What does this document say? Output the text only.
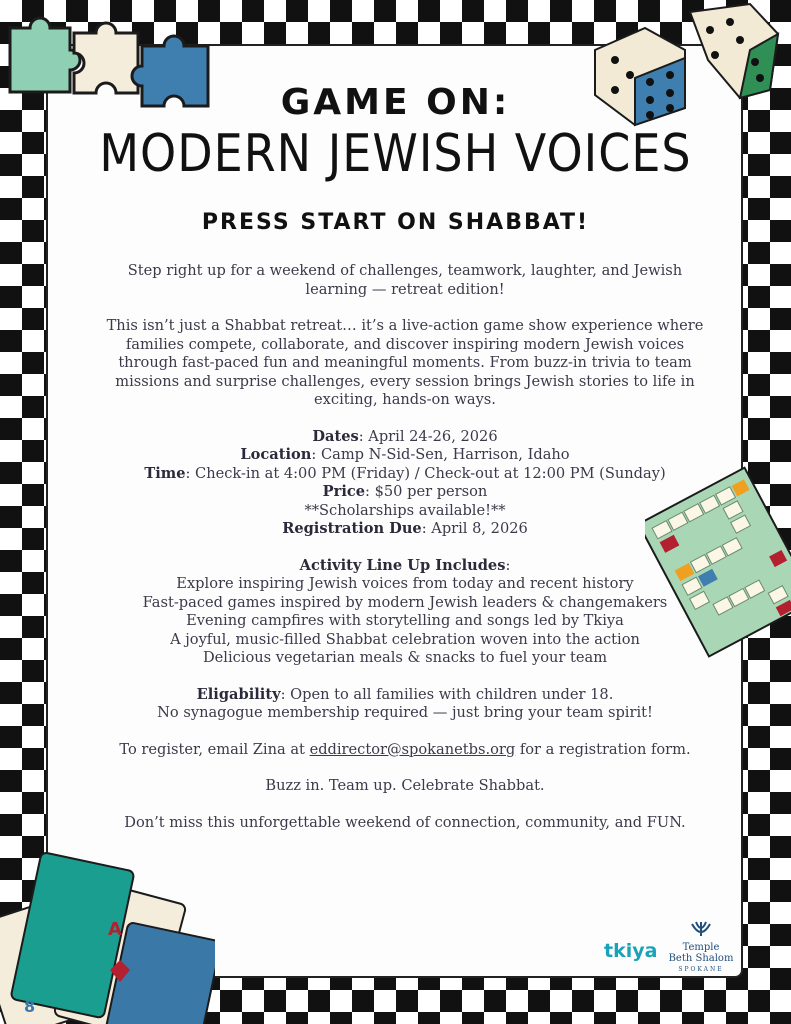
A
8
GAME ON:
MODERN JEWISH VOICES
PRESS START ON SHABBAT!

Step right up for a weekend of challenges, teamwork, laughter, and Jewish learning — retreat edition!

This isn’t just a Shabbat retreat… it’s a live-action game show experience where families compete, collaborate, and discover inspiring modern Jewish voices through fast-paced fun and meaningful moments. From buzz-in trivia to team missions and surprise challenges, every session brings Jewish stories to life in exciting, hands-on ways.

Dates: April 24-26, 2026
Location: Camp N-Sid-Sen, Harrison, Idaho
Time: Check-in at 4:00 PM (Friday) / Check-out at 12:00 PM (Sunday)
Price: $50 per person
**Scholarships available!**
Registration Due: April 8, 2026

Activity Line Up Includes:
Explore inspiring Jewish voices from today and recent history
Fast-paced games inspired by modern Jewish leaders & changemakers
Evening campfires with storytelling and songs led by Tkiya
A joyful, music-filled Shabbat celebration woven into the action
Delicious vegetarian meals & snacks to fuel your team

Eligability: Open to all families with children under 18.
No synagogue membership required — just bring your team spirit!

To register, email Zina at eddirector@spokanetbs.org for a registration form.

Buzz in. Team up. Celebrate Shabbat.

Don’t miss this unforgettable weekend of connection, community, and FUN.

tkiya	Temple
Beth Shalom
SPOKANE
